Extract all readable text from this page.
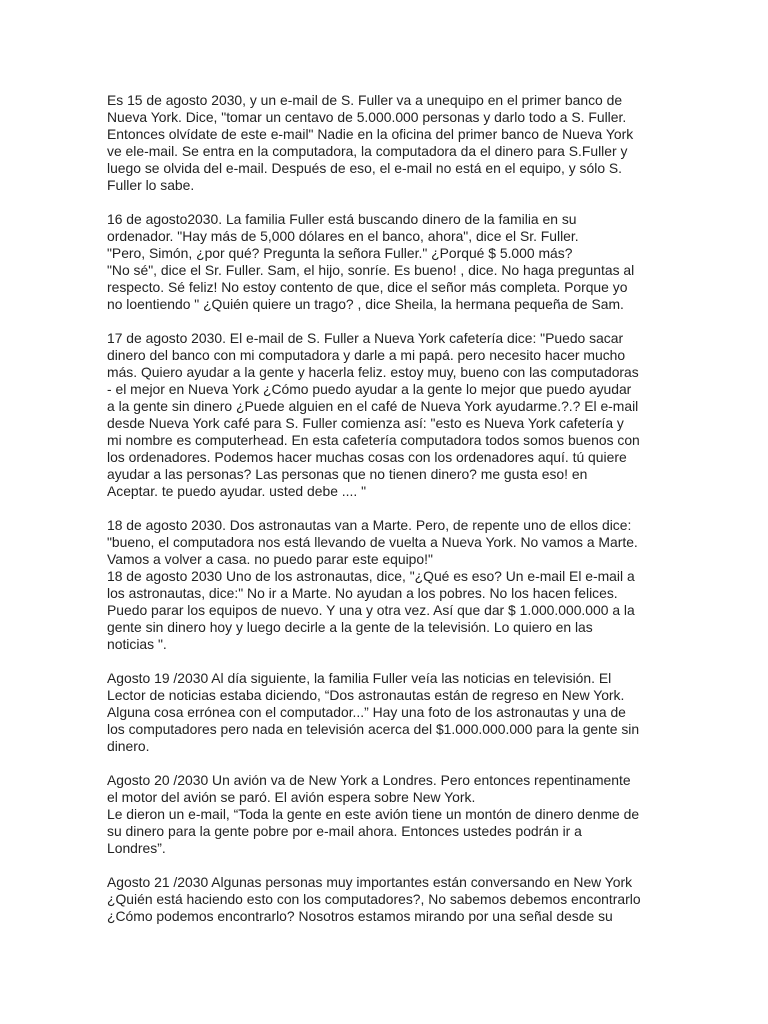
Es 15 de agosto 2030, y un e-mail de S. Fuller va a unequipo en el primer banco de
Nueva York. Dice, "tomar un centavo de 5.000.000 personas y darlo todo a S. Fuller.
Entonces olvídate de este e-mail" Nadie en la oficina del primer banco de Nueva York
ve ele-mail. Se entra en la computadora, la computadora da el dinero para S.Fuller y
luego se olvida del e-mail. Después de eso, el e-mail no está en el equipo, y sólo S.
Fuller lo sabe.

16 de agosto2030. La familia Fuller está buscando dinero de la familia en su
ordenador. "Hay más de 5,000 dólares en el banco, ahora", dice el Sr. Fuller.
"Pero, Simón, ¿por qué? Pregunta la señora Fuller." ¿Porqué $ 5.000 más?
"No sé", dice el Sr. Fuller. Sam, el hijo, sonríe. Es bueno! , dice. No haga preguntas al
respecto. Sé feliz! No estoy contento de que, dice el señor más completa. Porque yo
no loentiendo " ¿Quién quiere un trago? , dice Sheila, la hermana pequeña de Sam.

17 de agosto 2030. El e-mail de S. Fuller a Nueva York cafetería dice: "Puedo sacar
dinero del banco con mi computadora y darle a mi papá. pero necesito hacer mucho
más. Quiero ayudar a la gente y hacerla feliz. estoy muy, bueno con las computadoras
- el mejor en Nueva York ¿Cómo puedo ayudar a la gente lo mejor que puedo ayudar
a la gente sin dinero ¿Puede alguien en el café de Nueva York ayudarme.?.? El e-mail
desde Nueva York café para S. Fuller comienza así: "esto es Nueva York cafetería y
mi nombre es computerhead. En esta cafetería computadora todos somos buenos con
los ordenadores. Podemos hacer muchas cosas con los ordenadores aquí. tú quiere
ayudar a las personas? Las personas que no tienen dinero? me gusta eso! en
Aceptar. te puedo ayudar. usted debe .... "

18 de agosto 2030. Dos astronautas van a Marte. Pero, de repente uno de ellos dice:
"bueno, el computadora nos está llevando de vuelta a Nueva York. No vamos a Marte.
Vamos a volver a casa. no puedo parar este equipo!"
18 de agosto 2030 Uno de los astronautas, dice, "¿Qué es eso? Un e-mail El e-mail a
los astronautas, dice:" No ir a Marte. No ayudan a los pobres. No los hacen felices.
Puedo parar los equipos de nuevo. Y una y otra vez. Así que dar $ 1.000.000.000 a la
gente sin dinero hoy y luego decirle a la gente de la televisión. Lo quiero en las
noticias ".

Agosto 19 /2030 Al día siguiente, la familia Fuller veía las noticias en televisión. El
Lector de noticias estaba diciendo, “Dos astronautas están de regreso en New York.
Alguna cosa errónea con el computador...” Hay una foto de los astronautas y una de
los computadores pero nada en televisión acerca del $1.000.000.000 para la gente sin
dinero.

Agosto 20 /2030 Un avión va de New York a Londres. Pero entonces repentinamente
el motor del avión se paró. El avión espera sobre New York.
Le dieron un e-mail, “Toda la gente en este avión tiene un montón de dinero denme de
su dinero para la gente pobre por e-mail ahora. Entonces ustedes podrán ir a
Londres”.

Agosto 21 /2030 Algunas personas muy importantes están conversando en New York
¿Quién está haciendo esto con los computadores?, No sabemos debemos encontrarlo
¿Cómo podemos encontrarlo? Nosotros estamos mirando por una señal desde su
